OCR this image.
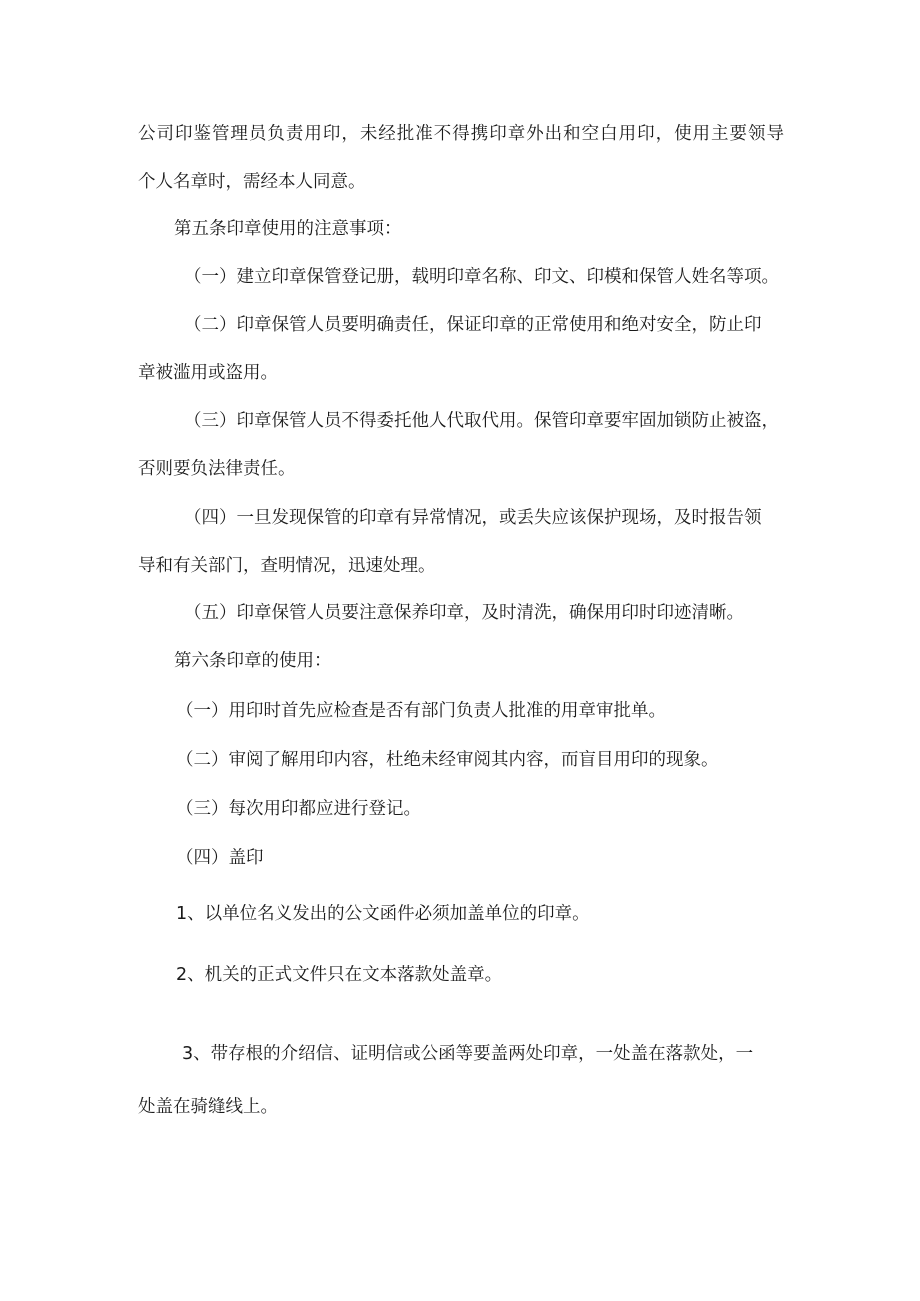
公司印鉴管理员负责用印，未经批准不得携印章外出和空白用印，使用主要领导
个人名章时，需经本人同意。
第五条印章使用的注意事项：
（一）建立印章保管登记册，载明印章名称、印文、印模和保管人姓名等项。
（二）印章保管人员要明确责任，保证印章的正常使用和绝对安全，防止印
章被滥用或盗用。
（三）印章保管人员不得委托他人代取代用。保管印章要牢固加锁防止被盗，
否则要负法律责任。
（四）一旦发现保管的印章有异常情况，或丢失应该保护现场，及时报告领
导和有关部门，查明情况，迅速处理。
（五）印章保管人员要注意保养印章，及时清洗，确保用印时印迹清晰。
第六条印章的使用：
（一）用印时首先应检查是否有部门负责人批准的用章审批单。
（二）审阅了解用印内容，杜绝未经审阅其内容，而盲目用印的现象。
（三）每次用印都应进行登记。
（四）盖印
1、以单位名义发出的公文函件必须加盖单位的印章。
2、机关的正式文件只在文本落款处盖章。
3、带存根的介绍信、证明信或公函等要盖两处印章，一处盖在落款处，一
处盖在骑缝线上。
